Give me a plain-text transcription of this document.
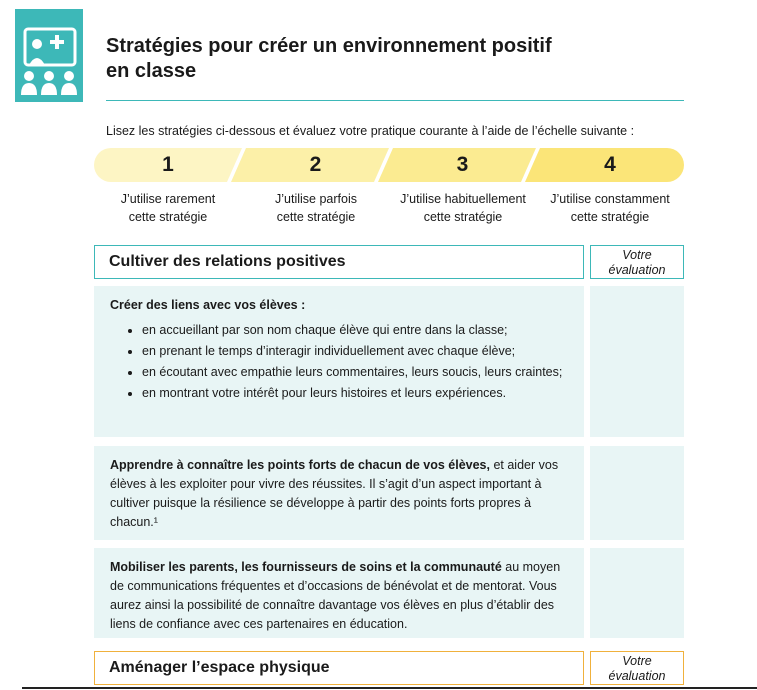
Stratégies pour créer un environnement positif
en classe
Lisez les stratégies ci-dessous et évaluez votre pratique courante à l’aide de l’échelle suivante :
1	2	3	4
J’utilise rarement
cette stratégie
J’utilise parfois
cette stratégie
J’utilise habituellement
cette stratégie
J’utilise constamment
cette stratégie
Cultiver des relations positives	Votre
évaluation
Créer des liens avec vos élèves :
• en accueillant par son nom chaque élève qui entre dans la classe;
• en prenant le temps d’interagir individuellement avec chaque élève;
• en écoutant avec empathie leurs commentaires, leurs soucis, leurs craintes;
• en montrant votre intérêt pour leurs histoires et leurs expériences.
Apprendre à connaître les points forts de chacun de vos élèves, et aider vos élèves à les exploiter pour vivre des réussites. Il s’agit d’un aspect important à cultiver puisque la résilience se développe à partir des points forts propres à chacun.¹
Mobiliser les parents, les fournisseurs de soins et la communauté au moyen de communications fréquentes et d’occasions de bénévolat et de mentorat. Vous aurez ainsi la possibilité de connaître davantage vos élèves en plus d’établir des liens de confiance avec ces partenaires en éducation.
Aménager l’espace physique	Votre
évaluation
